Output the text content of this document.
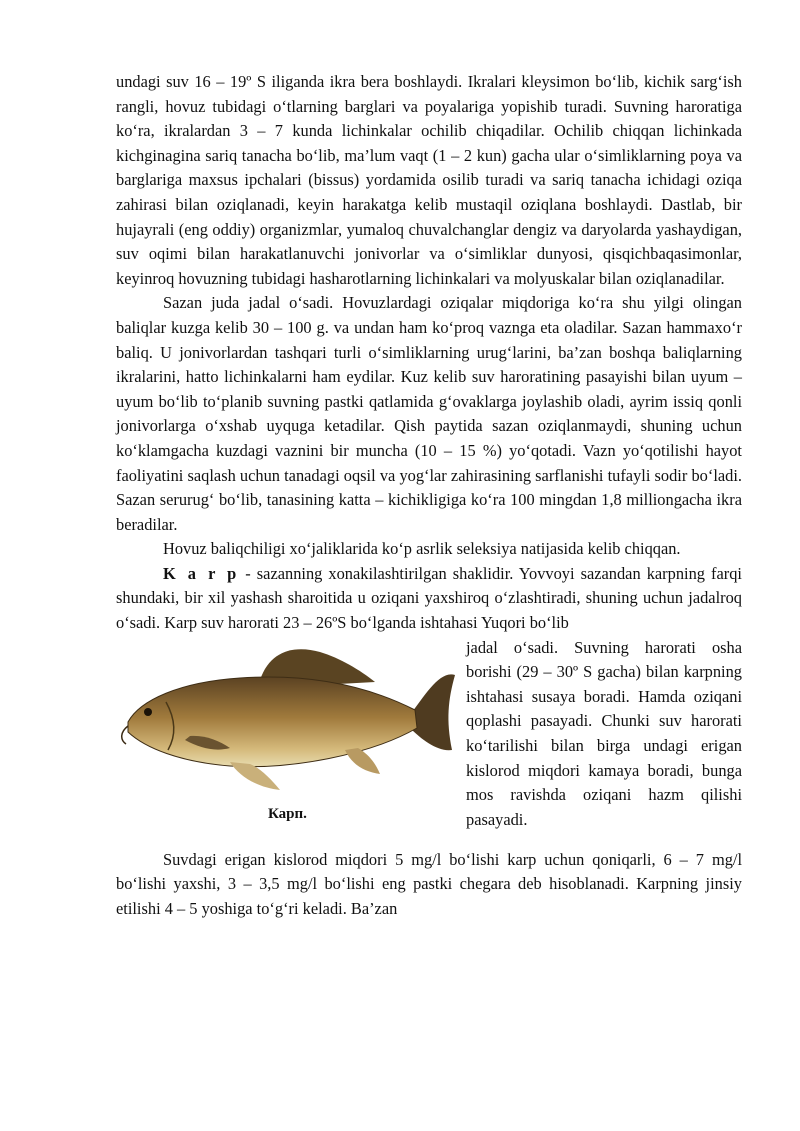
undagi suv 16 – 19º S iliganda ikra bera boshlaydi. Ikralari kleysimon bo‘lib, kichik sarg‘ish rangli, hovuz tubidagi o‘tlarning barglari va poyalariga yopishib turadi. Suvning haroratiga ko‘ra, ikralardan 3 – 7 kunda lichinkalar ochilib chiqadilar. Ochilib chiqqan lichinkada kichginagina sariq tanacha bo‘lib, ma’lum vaqt (1 – 2 kun) gacha ular o‘simliklarning poya va barglariga maxsus ipchalari (bissus) yordamida osilib turadi va sariq tanacha ichidagi oziqa zahirasi bilan oziqlanadi, keyin harakatga kelib mustaqil oziqlana boshlaydi. Dastlab, bir hujayrali (eng oddiy) organizmlar, yumaloq chuvalchanglar dengiz va daryolarda yashaydigan, suv oqimi bilan harakatlanuvchi jonivorlar va o‘simliklar dunyosi, qisqichbaqasimonlar, keyinroq hovuzning tubidagi hasharotlarning lichinkalari va molyuskalar bilan oziqlanadilar.

Sazan juda jadal o‘sadi. Hovuzlardagi oziqalar miqdoriga ko‘ra shu yilgi olingan baliqlar kuzga kelib 30 – 100 g. va undan ham ko‘proq vaznga eta oladilar. Sazan hammaxo‘r baliq. U jonivorlardan tashqari turli o‘simliklarning urug‘larini, ba’zan boshqa baliqlarning ikralarini, hatto lichinkalarni ham eydilar. Kuz kelib suv haroratining pasayishi bilan uyum – uyum bo‘lib to‘planib suvning pastki qatlamida g‘ovaklarga joylashib oladi, ayrim issiq qonli jonivorlarga o‘xshab uyquga ketadilar. Qish paytida sazan oziqlanmaydi, shuning uchun ko‘klamgacha kuzdagi vaznini bir muncha (10 – 15 %) yo‘qotadi. Vazn yo‘qotilishi hayot faoliyatini saqlash uchun tanadagi oqsil va yog‘lar zahirasining sarflanishi tufayli sodir bo‘ladi. Sazan serurug‘ bo‘lib, tanasining katta – kichikligiga ko‘ra 100 mingdan 1,8 milliongacha ikra beradilar.

Hovuz baliqchiligi xo‘jaliklarida ko‘p asrlik seleksiya natijasida kelib chiqqan.

K a r p - sazanning xonakilashtirilgan shaklidir. Yovvoyi sazandan karpning farqi shundaki, bir xil yashash sharoitida u oziqani yaxshiroq o‘zlashtiradi, shuning uchun jadalroq o‘sadi. Karp suv harorati 23 – 26ºS bo‘lganda ishtahasi Yuqori bo‘lib

Карп.

jadal o‘sadi. Suvning harorati osha borishi (29 – 30º S gacha) bilan karpning ishtahasi susaya boradi. Hamda oziqani qoplashi pasayadi. Chunki suv harorati ko‘tarilishi bilan birga undagi erigan kislorod miqdori kamaya boradi, bunga mos ravishda oziqani hazm qilishi pasayadi.

Suvdagi erigan kislorod miqdori 5 mg/l bo‘lishi karp uchun qoniqarli, 6 – 7 mg/l bo‘lishi yaxshi, 3 – 3,5 mg/l bo‘lishi eng pastki chegara deb hisoblanadi. Karpning jinsiy etilishi 4 – 5 yoshiga to‘g‘ri keladi. Ba’zan
